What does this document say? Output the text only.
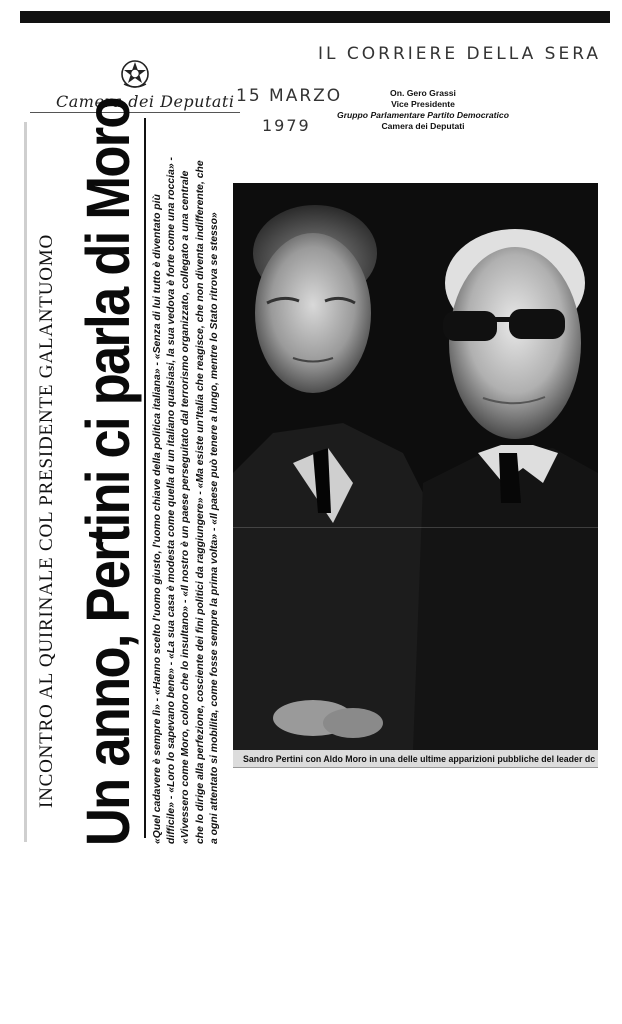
IL CORRIERE DELLA SERA
15 MARZO
1979
On. Gero Grassi
Vice Presidente
Gruppo Parlamentare Partito Democratico
Camera dei Deputati
Camera dei Deputati
INCONTRO AL QUIRINALE COL PRESIDENTE GALANTUOMO Un anno, Pertini ci parla di Moro «Quel cadavere è sempre lì» - «Hanno scelto l'uomo giusto, l'uomo chiave della politica italiana» - «Senza di lui tutto è diventato più difficile» - «Loro lo sapevano bene» - «La sua casa è modesta come quella di un italiano qualsiasi, la sua vedova è forte come una roccia» - «Vivessero come Moro, coloro che lo insultano» - «Il nostro è un paese perseguitato dal terrorismo organizzato, collegato a una centrale che lo dirige alla perfezione, cosciente dei fini politici da raggiungere» - «Ma esiste un'Italia che reagisce, che non diventa indifferente, che a ogni attentato si mobilita, come fosse sempre la prima volta» - «Il paese può tenere a lungo, mentre lo Stato ritrova se stesso»	Sandro Pertini con Aldo Moro in una delle ultime apparizioni pubbliche del leader dc
